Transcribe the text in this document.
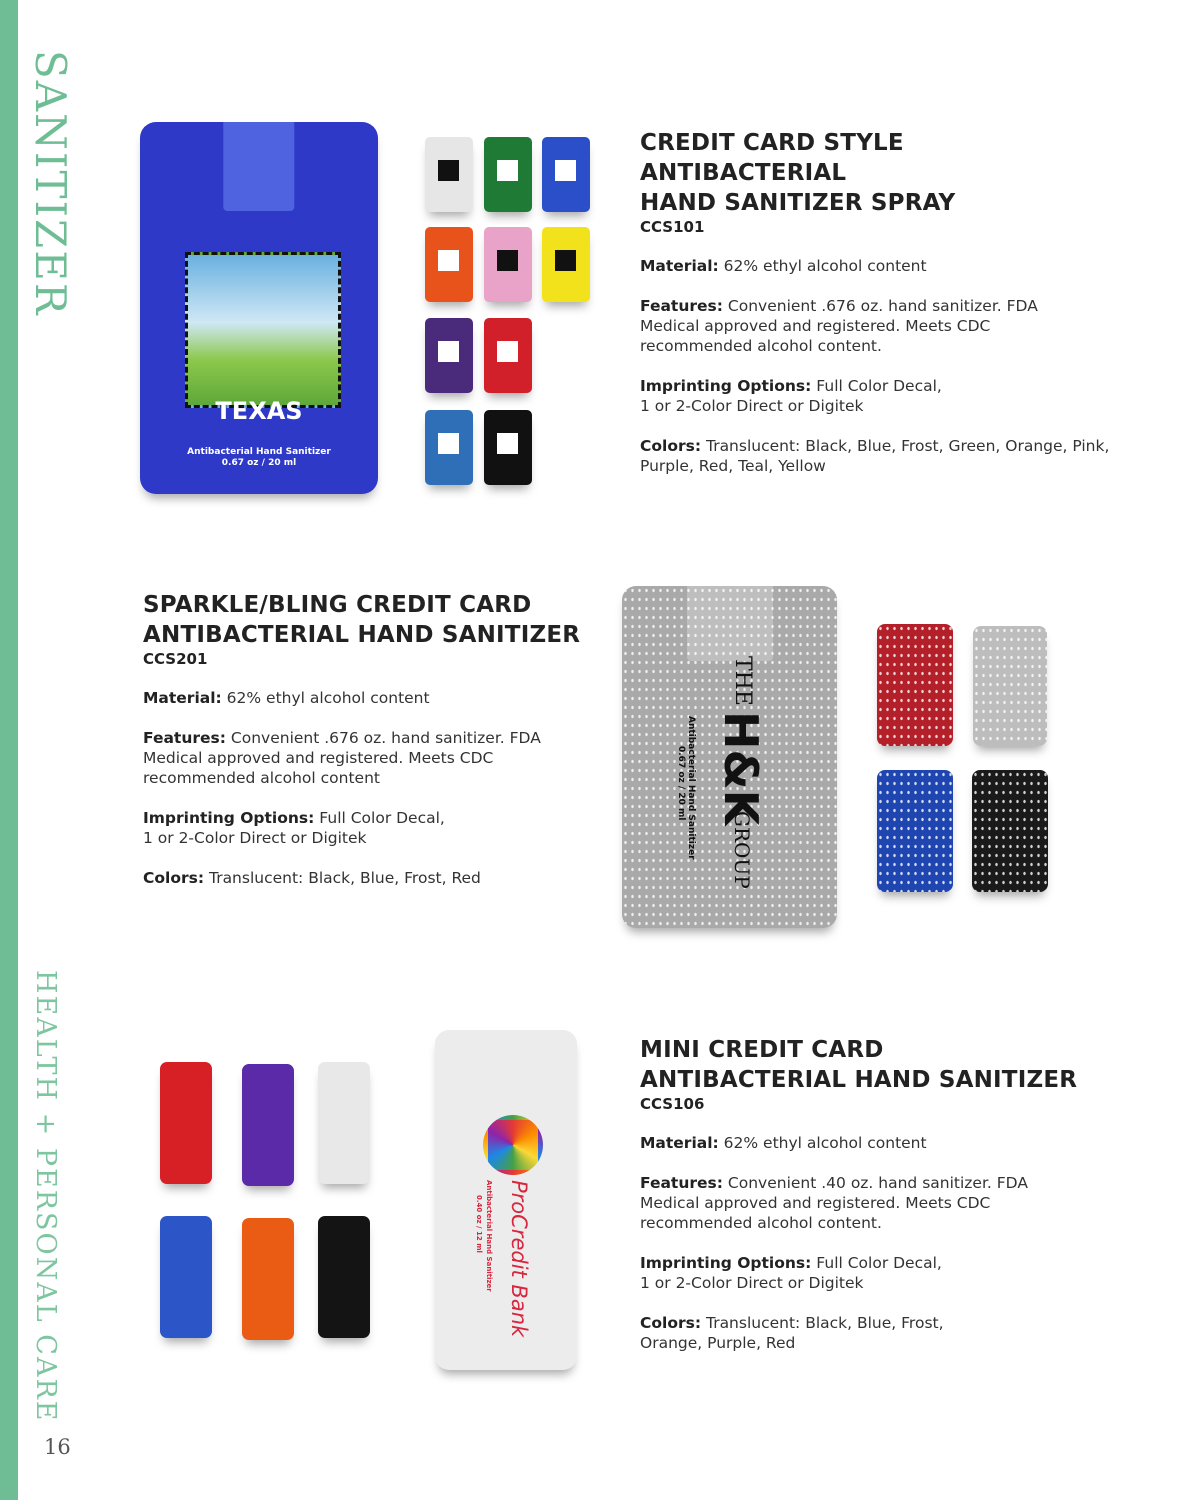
SANITIZER
HEALTH + PERSONAL CARE
16
TEXAS
Antibacterial Hand Sanitizer
0.67 oz / 20 ml
CREDIT CARD STYLE ANTIBACTERIAL
HAND SANITIZER SPRAY

CCS101

Material: 62% ethyl alcohol content

Features: Convenient .676 oz. hand sanitizer. FDA Medical approved and registered. Meets CDC recommended alcohol content.

Imprinting Options: Full Color Decal,
1 or 2-Color Direct or Digitek

Colors: Translucent: Black, Blue, Frost, Green, Orange, Pink, Purple, Red, Teal, Yellow

SPARKLE/BLING CREDIT CARD
ANTIBACTERIAL HAND SANITIZER

CCS201

Material: 62% ethyl alcohol content

Features: Convenient .676 oz. hand sanitizer. FDA Medical approved and registered. Meets CDC recommended alcohol content

Imprinting Options: Full Color Decal,
1 or 2-Color Direct or Digitek

Colors: Translucent: Black, Blue, Frost, Red

THE
H&K
GROUP
Antibacterial Hand Sanitizer
0.67 oz / 20 ml
ProCredit Bank
Antibacterial Hand Sanitizer
0.40 oz / 12 ml
MINI CREDIT CARD
ANTIBACTERIAL HAND SANITIZER

CCS106

Material: 62% ethyl alcohol content

Features: Convenient .40 oz. hand sanitizer. FDA Medical approved and registered. Meets CDC recommended alcohol content.

Imprinting Options: Full Color Decal,
1 or 2-Color Direct or Digitek

Colors: Translucent: Black, Blue, Frost,
Orange, Purple, Red
